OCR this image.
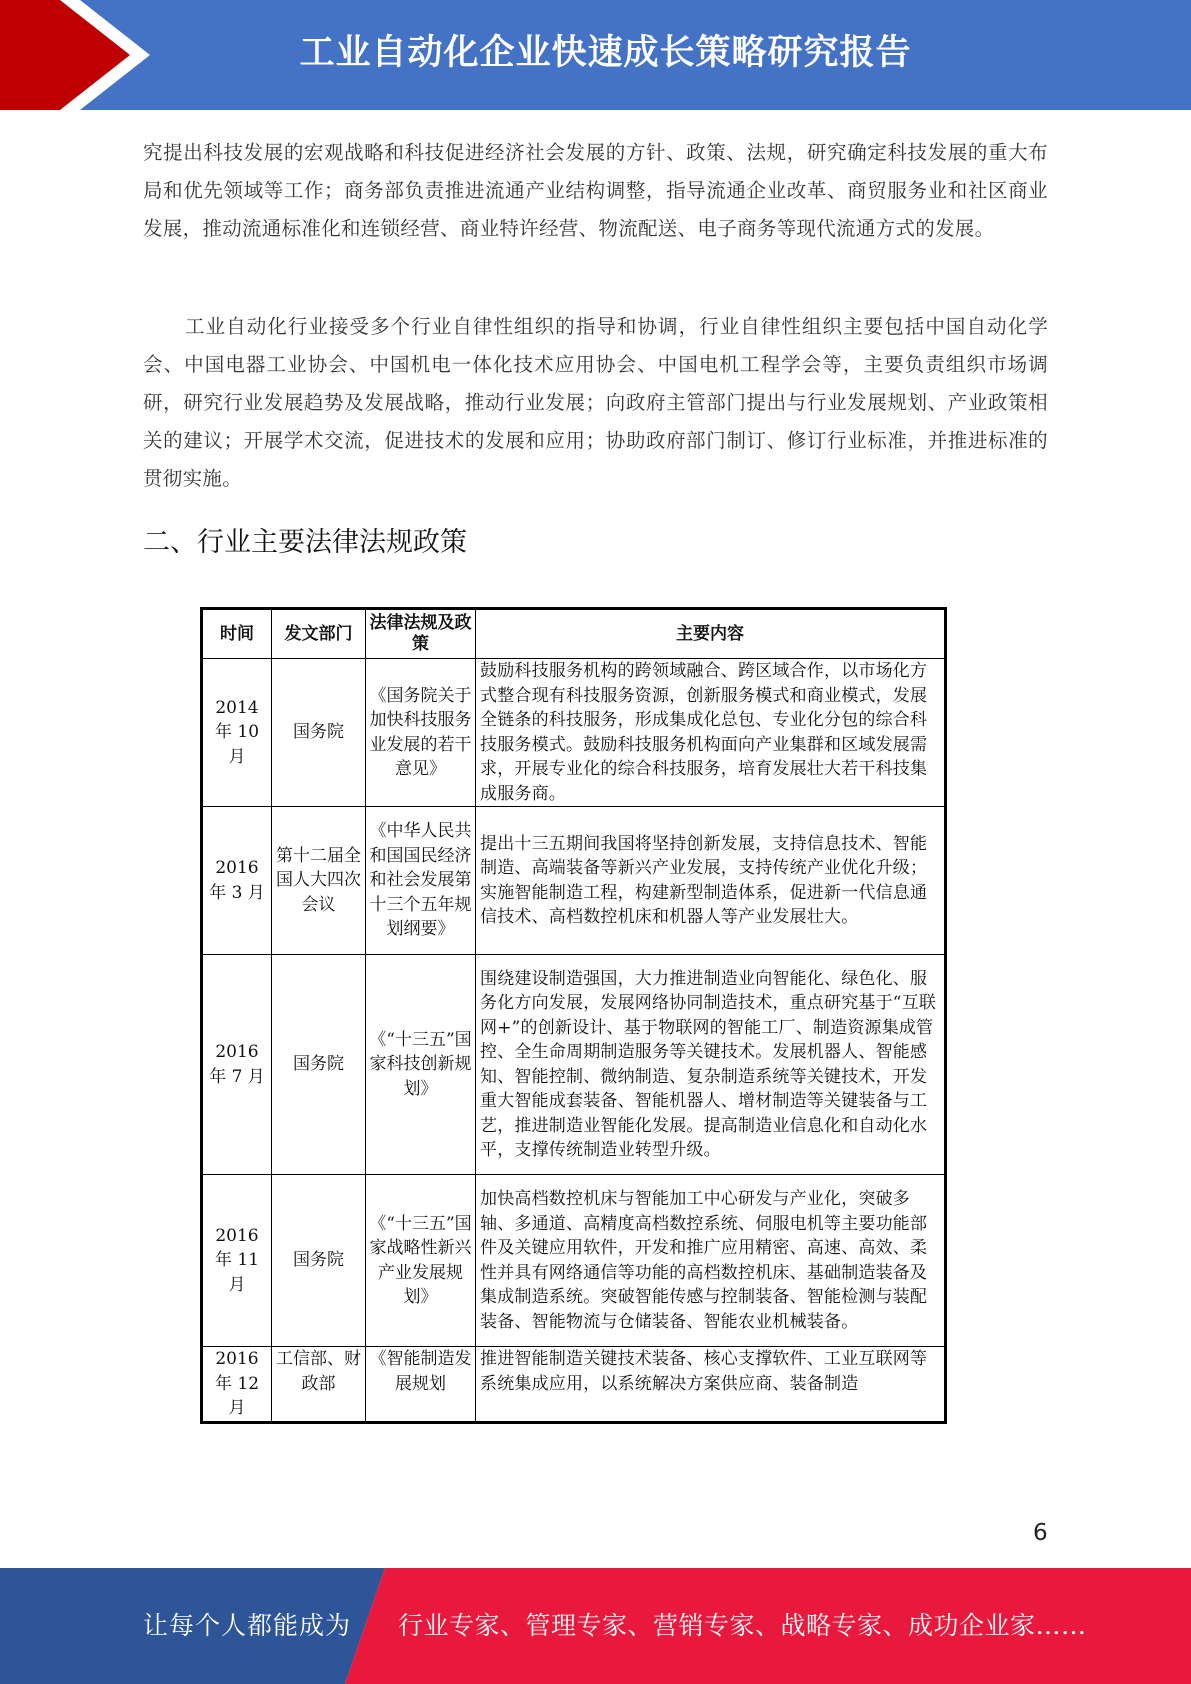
工业自动化企业快速成长策略研究报告

究提出科技发展的宏观战略和科技促进经济社会发展的方针、政策、法规，研究确定科技发展的重大布局和优先领域等工作；商务部负责推进流通产业结构调整，指导流通企业改革、商贸服务业和社区商业发展，推动流通标准化和连锁经营、商业特许经营、物流配送、电子商务等现代流通方式的发展。

工业自动化行业接受多个行业自律性组织的指导和协调，行业自律性组织主要包括中国自动化学会、中国电器工业协会、中国机电一体化技术应用协会、中国电机工程学会等，主要负责组织市场调研，研究行业发展趋势及发展战略，推动行业发展；向政府主管部门提出与行业发展规划、产业政策相关的建议；开展学术交流，促进技术的发展和应用；协助政府部门制订、修订行业标准，并推进标准的贯彻实施。

二、行业主要法律法规政策
时间	发文部门	法律法规及政策	主要内容
2014 年 10 月	国务院	《国务院关于加快科技服务业发展的若干意见》	鼓励科技服务机构的跨领域融合、跨区域合作，以市场化方式整合现有科技服务资源，创新服务模式和商业模式，发展全链条的科技服务，形成集成化总包、专业化分包的综合科技服务模式。鼓励科技服务机构面向产业集群和区域发展需求，开展专业化的综合科技服务，培育发展壮大若干科技集成服务商。
2016 年 3 月	第十二届全国人大四次会议	《中华人民共和国国民经济和社会发展第十三个五年规划纲要》	提出十三五期间我国将坚持创新发展，支持信息技术、智能制造、高端装备等新兴产业发展，支持传统产业优化升级；实施智能制造工程，构建新型制造体系，促进新一代信息通信技术、高档数控机床和机器人等产业发展壮大。
2016 年 7 月	国务院	《“十三五”国家科技创新规划》	围绕建设制造强国，大力推进制造业向智能化、绿色化、服务化方向发展，发展网络协同制造技术，重点研究基于“互联网+”的创新设计、基于物联网的智能工厂、制造资源集成管控、全生命周期制造服务等关键技术。发展机器人、智能感知、智能控制、微纳制造、复杂制造系统等关键技术，开发重大智能成套装备、智能机器人、增材制造等关键装备与工艺，推进制造业智能化发展。提高制造业信息化和自动化水平，支撑传统制造业转型升级。
2016 年 11 月	国务院	《“十三五”国家战略性新兴产业发展规划》	加快高档数控机床与智能加工中心研发与产业化，突破多轴、多通道、高精度高档数控系统、伺服电机等主要功能部件及关键应用软件，开发和推广应用精密、高速、高效、柔性并具有网络通信等功能的高档数控机床、基础制造装备及集成制造系统。突破智能传感与控制装备、智能检测与装配装备、智能物流与仓储装备、智能农业机械装备。
2016 年 12 月	工信部、财政部	《智能制造发展规划	推进智能制造关键技术装备、核心支撑软件、工业互联网等系统集成应用，以系统解决方案供应商、装备制造
6
让每个人都能成为 行业专家、管理专家、营销专家、战略专家、成功企业家……
